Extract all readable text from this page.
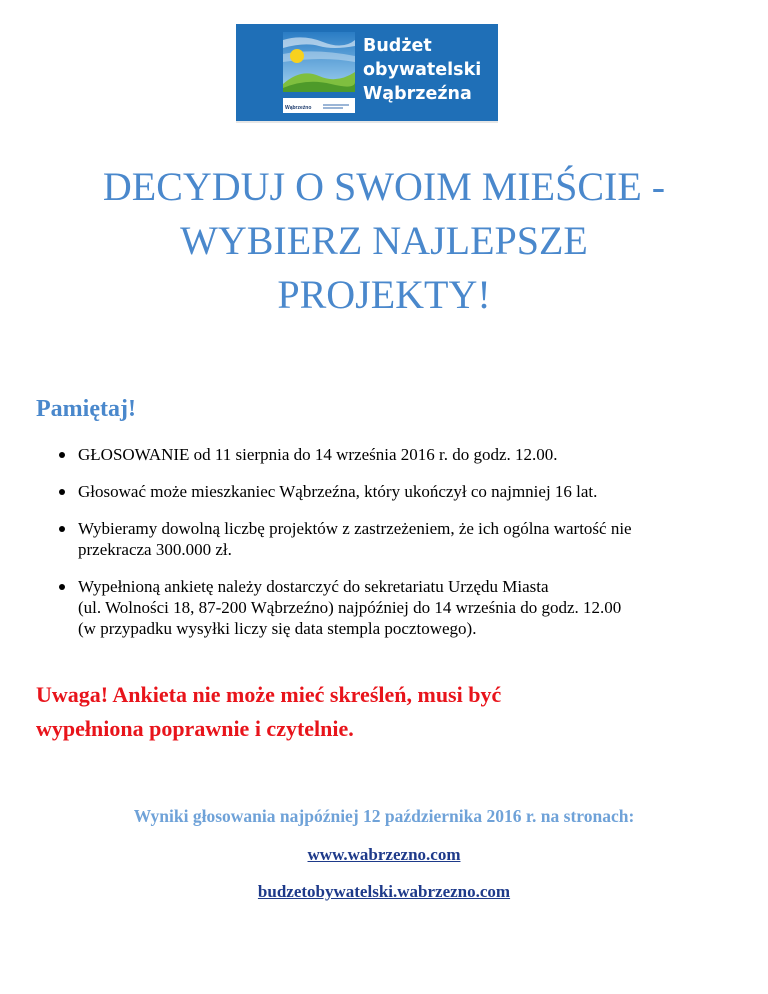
Wąbrzeźno
Budżet
obywatelski
Wąbrzeźna
DECYDUJ O SWOIM MIEŚCIE -
WYBIERZ NAJLEPSZE
PROJEKTY!
Pamiętaj!
GŁOSOWANIE od 11 sierpnia do 14 września 2016 r. do godz. 12.00.
Głosować może mieszkaniec Wąbrzeźna, który ukończył co najmniej 16 lat.
Wybieramy dowolną liczbę projektów z zastrzeżeniem, że ich ogólna wartość nie
przekracza 300.000 zł.
Wypełnioną ankietę należy dostarczyć do sekretariatu Urzędu Miasta
(ul. Wolności 18, 87-200 Wąbrzeźno) najpóźniej do 14 września do godz. 12.00
(w przypadku wysyłki liczy się data stempla pocztowego).
Uwaga! Ankieta nie może mieć skreśleń, musi być
wypełniona poprawnie i czytelnie.

Wyniki głosowania najpóźniej 12 października 2016 r. na stronach:

www.wabrzezno.com
budzetobywatelski.wabrzezno.com
